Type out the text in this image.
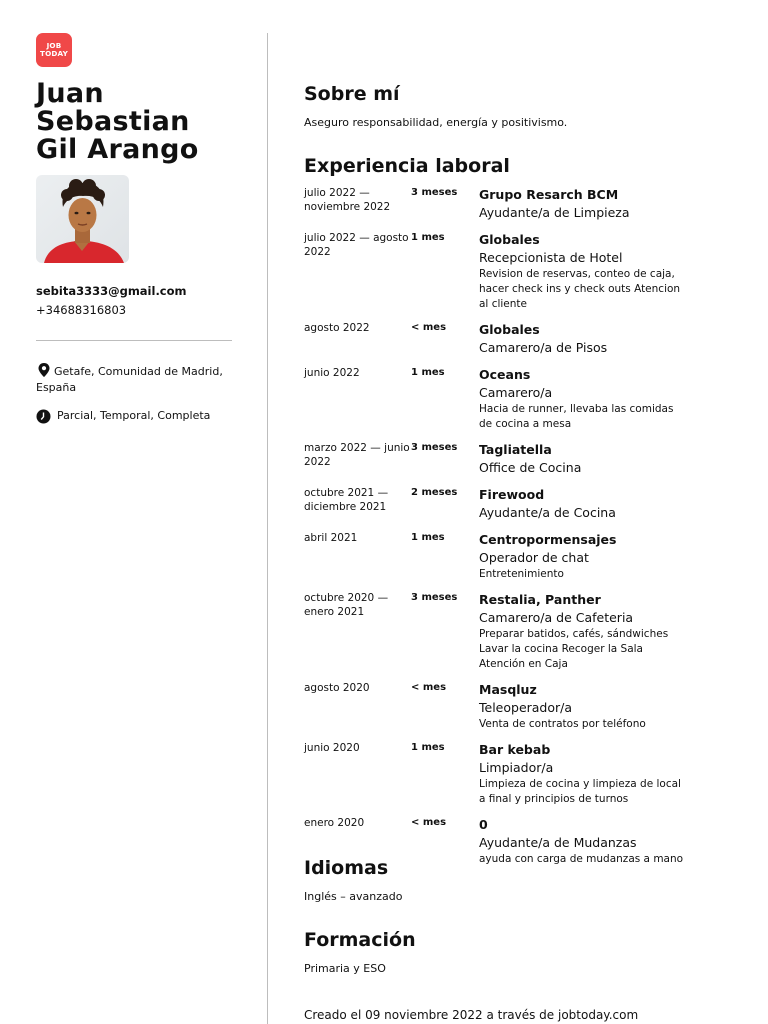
JOB
TODAY
Juan
Sebastian
Gil Arango
sebita3333@gmail.com
+34688316803
Getafe, Comunidad de Madrid, España
Parcial, Temporal, Completa
Sobre mí
Aseguro responsabilidad, energía y positivismo.
Experiencia laboral
julio 2022 — noviembre 2022
3 meses	Grupo Resarch BCM
Ayudante/a de Limpieza
julio 2022 — agosto 2022
1 mes	Globales
Recepcionista de Hotel
Revision de reservas, conteo de caja, hacer check ins y check outs Atencion al cliente
agosto 2022	< mes	Globales
Camarero/a de Pisos
junio 2022	1 mes	Oceans
Camarero/a
Hacia de runner, llevaba las comidas de cocina a mesa
marzo 2022 — junio 2022
3 meses	Tagliatella
Office de Cocina
octubre 2021 — diciembre 2021
2 meses	Firewood
Ayudante/a de Cocina
abril 2021	1 mes	Centropormensajes
Operador de chat
Entretenimiento
octubre 2020 — enero 2021
3 meses	Restalia, Panther
Camarero/a de Cafeteria
Preparar batidos, cafés, sándwiches Lavar la cocina Recoger la Sala Atención en Caja
agosto 2020	< mes	Masqluz
Teleoperador/a
Venta de contratos por teléfono
junio 2020	1 mes	Bar kebab
Limpiador/a
Limpieza de cocina y limpieza de local a final y principios de turnos
enero 2020	< mes	0
Ayudante/a de Mudanzas
ayuda con carga de mudanzas a mano
Idiomas
Inglés – avanzado
Formación
Primaria y ESO
Creado el 09 noviembre 2022 a través de jobtoday.com
